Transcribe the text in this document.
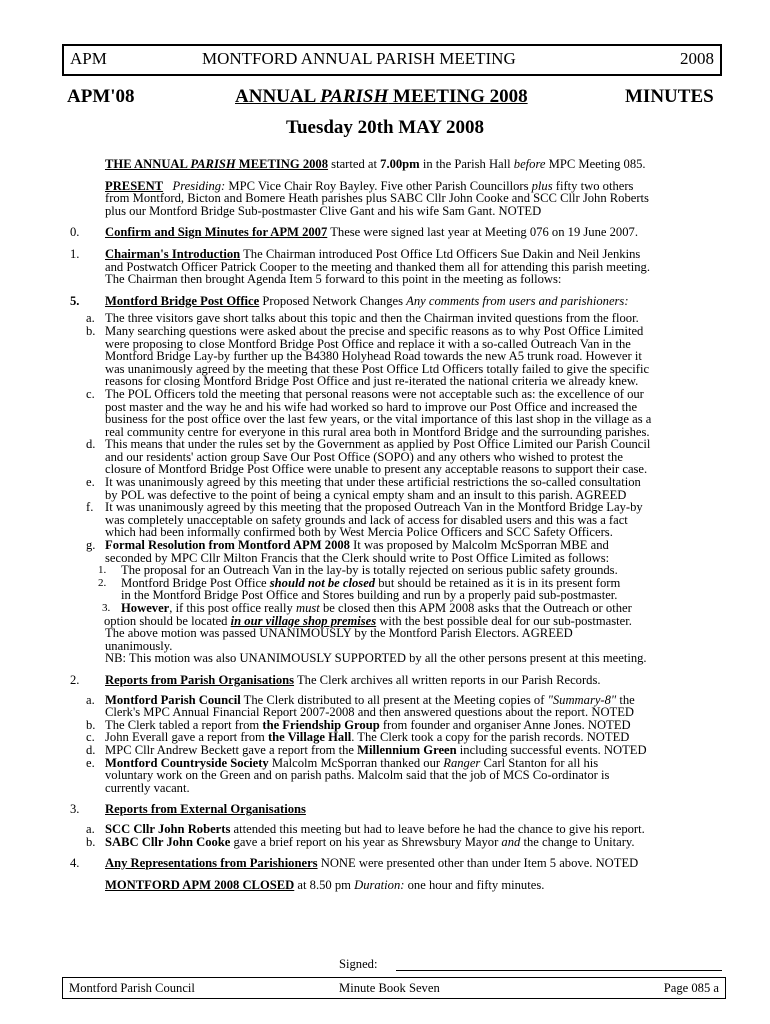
APM	MONTFORD ANNUAL PARISH MEETING	2008
APM'08	ANNUAL PARISH MEETING 2008	MINUTES
Tuesday 20th MAY 2008
THE ANNUAL PARISH MEETING 2008 started at 7.00pm in the Parish Hall before MPC Meeting 085.
PRESENT Presiding: MPC Vice Chair Roy Bayley. Five other Parish Councillors plus fifty two others
from Montford, Bicton and Bomere Heath parishes plus SABC Cllr John Cooke and SCC Cllr John Roberts
plus our Montford Bridge Sub-postmaster Clive Gant and his wife Sam Gant. NOTED
0. Confirm and Sign Minutes for APM 2007 These were signed last year at Meeting 076 on 19 June 2007.
1. Chairman's Introduction The Chairman introduced Post Office Ltd Officers Sue Dakin and Neil Jenkins
and Postwatch Officer Patrick Cooper to the meeting and thanked them all for attending this parish meeting.
The Chairman then brought Agenda Item 5 forward to this point in the meeting as follows:
5. Montford Bridge Post Office Proposed Network Changes Any comments from users and parishioners:
a. The three visitors gave short talks about this topic and then the Chairman invited questions from the floor.
b. Many searching questions were asked about the precise and specific reasons as to why Post Office Limited
were proposing to close Montford Bridge Post Office and replace it with a so-called Outreach Van in the
Montford Bridge Lay-by further up the B4380 Holyhead Road towards the new A5 trunk road. However it
was unanimously agreed by the meeting that these Post Office Ltd Officers totally failed to give the specific
reasons for closing Montford Bridge Post Office and just re-iterated the national criteria we already knew.
c. The POL Officers told the meeting that personal reasons were not acceptable such as: the excellence of our
post master and the way he and his wife had worked so hard to improve our Post Office and increased the
business for the post office over the last few years, or the vital importance of this last shop in the village as a
real community centre for everyone in this rural area both in Montford Bridge and the surrounding parishes.
d. This means that under the rules set by the Government as applied by Post Office Limited our Parish Council
and our residents' action group Save Our Post Office (SOPO) and any others who wished to protest the
closure of Montford Bridge Post Office were unable to present any acceptable reasons to support their case.
e. It was unanimously agreed by this meeting that under these artificial restrictions the so-called consultation
by POL was defective to the point of being a cynical empty sham and an insult to this parish. AGREED
f. It was unanimously agreed by this meeting that the proposed Outreach Van in the Montford Bridge Lay-by
was completely unacceptable on safety grounds and lack of access for disabled users and this was a fact
which had been informally confirmed both by West Mercia Police Officers and SCC Safety Officers.
g. Formal Resolution from Montford APM 2008 It was proposed by Malcolm McSporran MBE and
seconded by MPC Cllr Milton Francis that the Clerk should write to Post Office Limited as follows:
1. The proposal for an Outreach Van in the lay-by is totally rejected on serious public safety grounds.
2. Montford Bridge Post Office should not be closed but should be retained as it is in its present form
in the Montford Bridge Post Office and Stores building and run by a properly paid sub-postmaster.
3. However, if this post office really must be closed then this APM 2008 asks that the Outreach or other
option should be located in our village shop premises with the best possible deal for our sub-postmaster.
The above motion was passed UNANIMOUSLY by the Montford Parish Electors. AGREED
unanimously.
NB: This motion was also UNANIMOUSLY SUPPORTED by all the other persons present at this meeting.
2. Reports from Parish Organisations The Clerk archives all written reports in our Parish Records.
a. Montford Parish Council The Clerk distributed to all present at the Meeting copies of "Summary-8" the
Clerk's MPC Annual Financial Report 2007-2008 and then answered questions about the report. NOTED
b. The Clerk tabled a report from the Friendship Group from founder and organiser Anne Jones. NOTED
c. John Everall gave a report from the Village Hall. The Clerk took a copy for the parish records. NOTED
d. MPC Cllr Andrew Beckett gave a report from the Millennium Green including successful events. NOTED
e. Montford Countryside Society Malcolm McSporran thanked our Ranger Carl Stanton for all his
voluntary work on the Green and on parish paths. Malcolm said that the job of MCS Co-ordinator is
currently vacant.
3. Reports from External Organisations
a. SCC Cllr John Roberts attended this meeting but had to leave before he had the chance to give his report.
b. SABC Cllr John Cooke gave a brief report on his year as Shrewsbury Mayor and the change to Unitary.
4. Any Representations from Parishioners NONE were presented other than under Item 5 above. NOTED
MONTFORD APM 2008 CLOSED at 8.50 pm Duration: one hour and fifty minutes.
Signed:
Montford Parish Council	Minute Book Seven	Page 085 a
